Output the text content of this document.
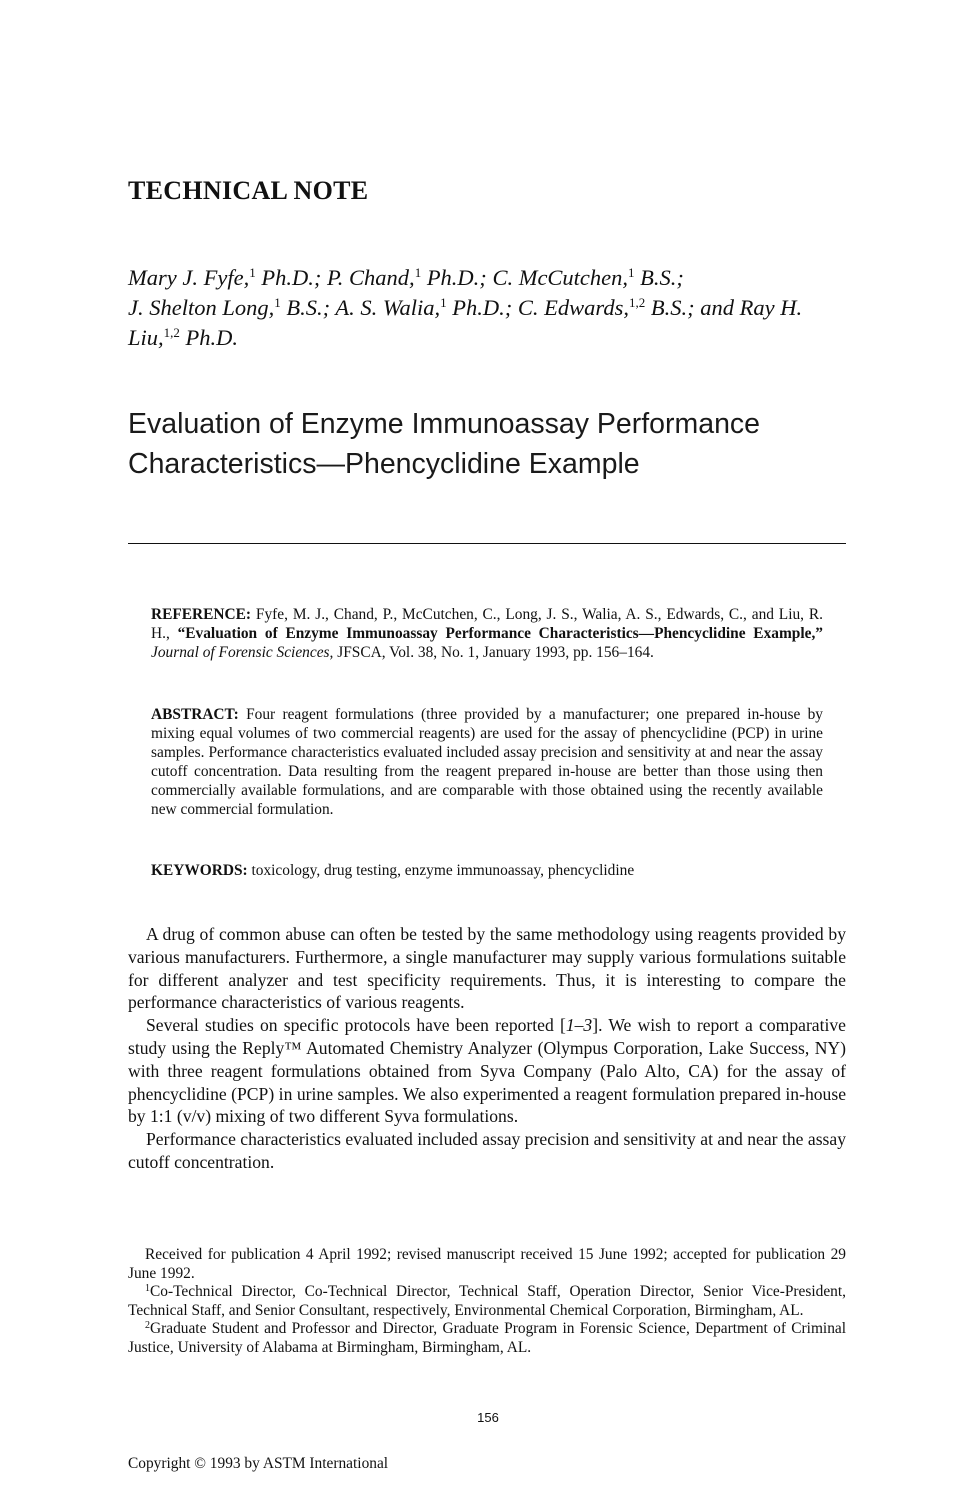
TECHNICAL NOTE
Mary J. Fyfe,$^1$ Ph.D.; P. Chand,$^1$ Ph.D.; C. McCutchen,$^1$ B.S.;
J. Shelton Long,$^1$ B.S.; A. S. Walia,$^1$ Ph.D.; C. Edwards,$^{1,2}$ B.S.; and Ray H. Liu,$^{1,2}$ Ph.D.
Evaluation of Enzyme Immunoassay Performance
Characteristics—Phencyclidine Example
REFERENCE: Fyfe, M. J., Chand, P., McCutchen, C., Long, J. S., Walia, A. S., Edwards, C., and Liu, R. H., “Evaluation of Enzyme Immunoassay Performance Characteristics—Phencyclidine Example,” Journal of Forensic Sciences, JFSCA, Vol. 38, No. 1, January 1993, pp. 156–164.
ABSTRACT: Four reagent formulations (three provided by a manufacturer; one prepared in-house by mixing equal volumes of two commercial reagents) are used for the assay of phencyclidine (PCP) in urine samples. Performance characteristics evaluated included assay precision and sensitivity at and near the assay cutoff concentration. Data resulting from the reagent prepared in-house are better than those using then commercially available formulations, and are comparable with those obtained using the recently available new commercial formulation.
KEYWORDS: toxicology, drug testing, enzyme immunoassay, phencyclidine

A drug of common abuse can often be tested by the same methodology using reagents provided by various manufacturers. Furthermore, a single manufacturer may supply various formulations suitable for different analyzer and test specificity requirements. Thus, it is interesting to compare the performance characteristics of various reagents.

Several studies on specific protocols have been reported [1–3]. We wish to report a comparative study using the Reply™ Automated Chemistry Analyzer (Olympus Corporation, Lake Success, NY) with three reagent formulations obtained from Syva Company (Palo Alto, CA) for the assay of phencyclidine (PCP) in urine samples. We also experimented a reagent formulation prepared in-house by 1:1 (v/v) mixing of two different Syva formulations.

Performance characteristics evaluated included assay precision and sensitivity at and near the assay cutoff concentration.

Received for publication 4 April 1992; revised manuscript received 15 June 1992; accepted for publication 29 June 1992.

$^1$Co-Technical Director, Co-Technical Director, Technical Staff, Operation Director, Senior Vice-President, Technical Staff, and Senior Consultant, respectively, Environmental Chemical Corporation, Birmingham, AL.

$^2$Graduate Student and Professor and Director, Graduate Program in Forensic Science, Department of Criminal Justice, University of Alabama at Birmingham, Birmingham, AL.

156
Copyright © 1993 by ASTM International
